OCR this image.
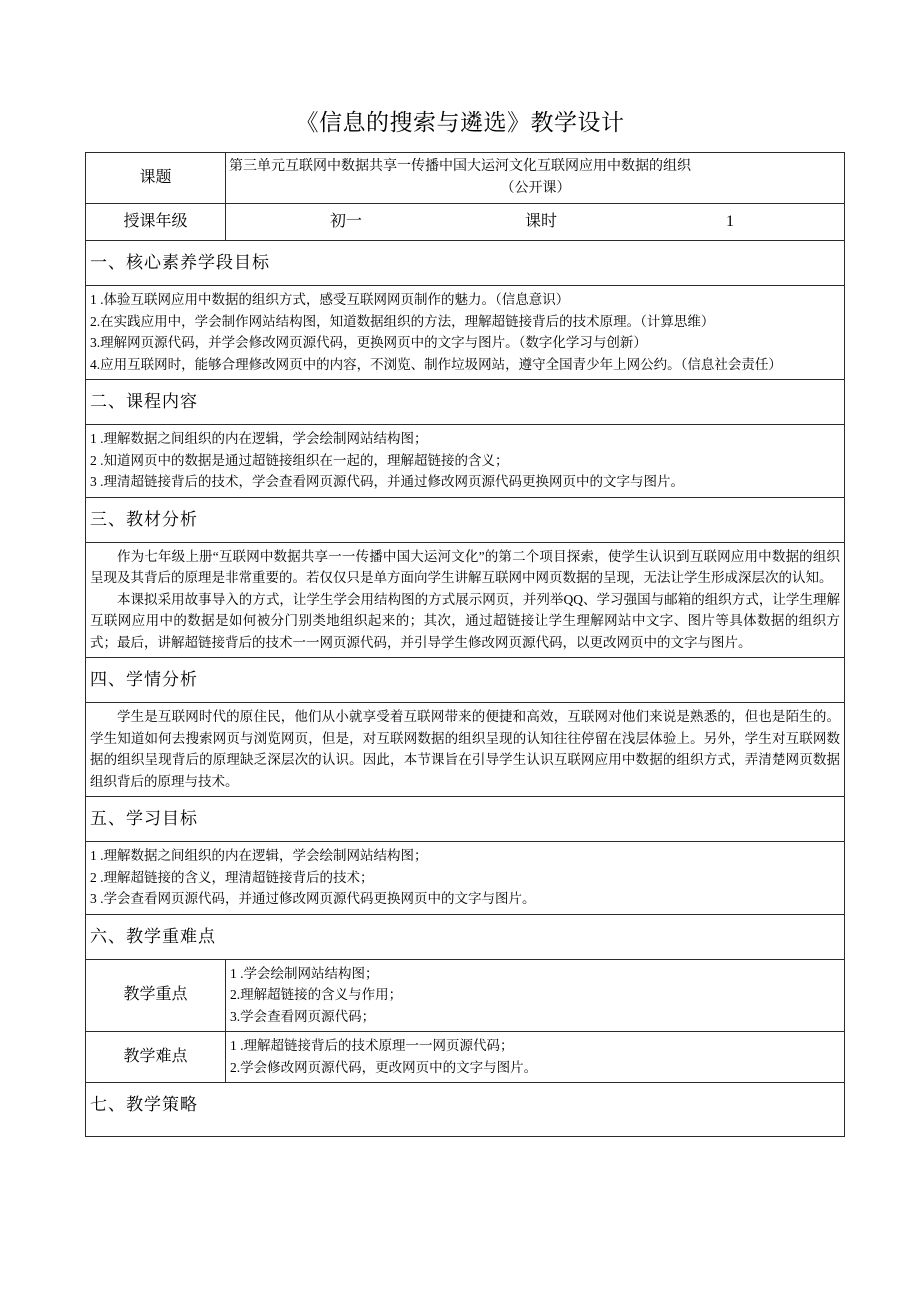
《信息的搜索与遴选》教学设计
课题	第三单元互联网中数据共享一传播中国大运河文化互联网应用中数据的组织
（公开课）

授课年级	初一 课时 1

一、核心素养学段目标	

1 .体验互联网应用中数据的组织方式，感受互联网网页制作的魅力。（信息意识）

2.在实践应用中，学会制作网站结构图，知道数据组织的方法，理解超链接背后的技术原理。（计算思维）

3.理解网页源代码，并学会修改网页源代码，更换网页中的文字与图片。（数字化学习与创新）

4.应用互联网时，能够合理修改网页中的内容，不浏览、制作垃圾网站，遵守全国青少年上网公约。（信息社会责任）	

二、课程内容	

1 .理解数据之间组织的内在逻辑，学会绘制网站结构图；

2 .知道网页中的数据是通过超链接组织在一起的，理解超链接的含义；

3 .理清超链接背后的技术，学会查看网页源代码，并通过修改网页源代码更换网页中的文字与图片。	

三、教材分析	

作为七年级上册“互联网中数据共享一一传播中国大运河文化”的第二个项目探索，使学生认识到互联网应用中数据的组织呈现及其背后的原理是非常重要的。若仅仅只是单方面向学生讲解互联网中网页数据的呈现，无法让学生形成深层次的认知。

本课拟采用故事导入的方式，让学生学会用结构图的方式展示网页，并列举QQ、学习强国与邮箱的组织方式，让学生理解互联网应用中的数据是如何被分门别类地组织起来的；其次，通过超链接让学生理解网站中文字、图片等具体数据的组织方式；最后，讲解超链接背后的技术一一网页源代码，并引导学生修改网页源代码，以更改网页中的文字与图片。	

四、学情分析	

学生是互联网时代的原住民，他们从小就享受着互联网带来的便捷和高效，互联网对他们来说是熟悉的，但也是陌生的。学生知道如何去搜索网页与浏览网页，但是，对互联网数据的组织呈现的认知往往停留在浅层体验上。另外，学生对互联网数据的组织呈现背后的原理缺乏深层次的认识。因此，本节课旨在引导学生认识互联网应用中数据的组织方式，弄清楚网页数据组织背后的原理与技术。	

五、学习目标	

1 .理解数据之间组织的内在逻辑，学会绘制网站结构图；

2 .理解超链接的含义，理清超链接背后的技术；

3 .学会查看网页源代码，并通过修改网页源代码更换网页中的文字与图片。	

六、教学重难点	
教学重点	1 .学会绘制网站结构图；

2.理解超链接的含义与作用；

3.学会查看网页源代码；

教学难点	1 .理解超链接背后的技术原理一一网页源代码；

2.学会修改网页源代码，更改网页中的文字与图片。

七、教学策略	
